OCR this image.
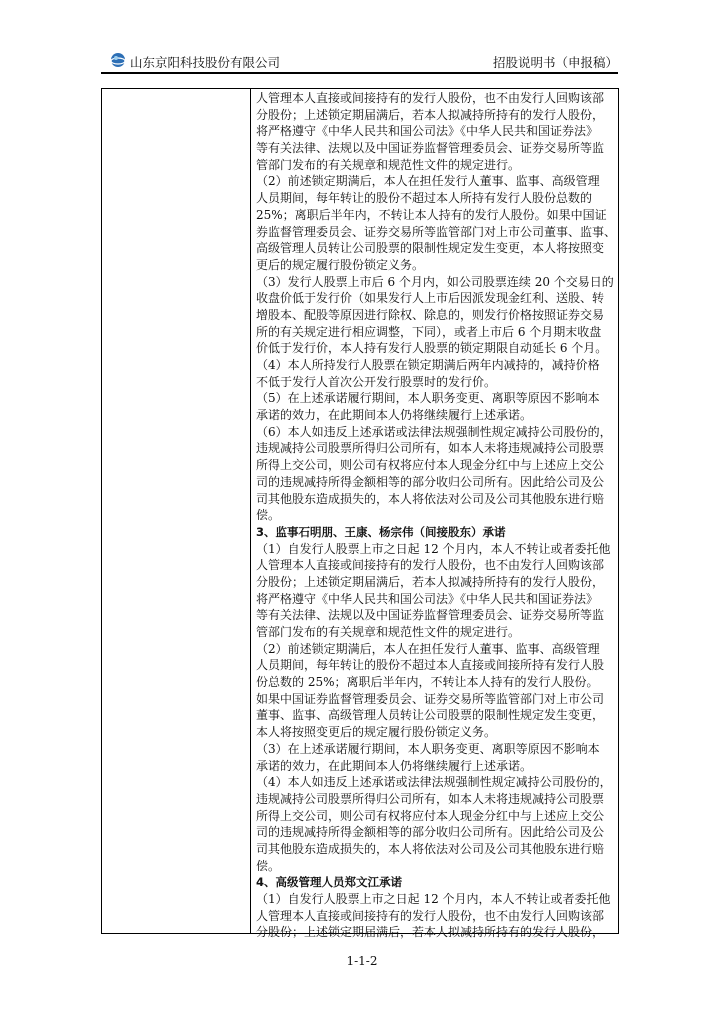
山东京阳科技股份有限公司	招股说明书（申报稿）
人管理本人直接或间接持有的发行人股份，也不由发行人回购该部
分股份；上述锁定期届满后，若本人拟减持所持有的发行人股份，
将严格遵守《中华人民共和国公司法》《中华人民共和国证券法》
等有关法律、法规以及中国证券监督管理委员会、证券交易所等监
管部门发布的有关规章和规范性文件的规定进行。
（2）前述锁定期满后，本人在担任发行人董事、监事、高级管理
人员期间，每年转让的股份不超过本人所持有发行人股份总数的
25%；离职后半年内，不转让本人持有的发行人股份。如果中国证
券监督管理委员会、证券交易所等监管部门对上市公司董事、监事、
高级管理人员转让公司股票的限制性规定发生变更，本人将按照变
更后的规定履行股份锁定义务。
（3）发行人股票上市后 6 个月内，如公司股票连续 20 个交易日的
收盘价低于发行价（如果发行人上市后因派发现金红利、送股、转
增股本、配股等原因进行除权、除息的，则发行价格按照证券交易
所的有关规定进行相应调整，下同），或者上市后 6 个月期末收盘
价低于发行价，本人持有发行人股票的锁定期限自动延长 6 个月。
（4）本人所持发行人股票在锁定期满后两年内减持的，减持价格
不低于发行人首次公开发行股票时的发行价。
（5）在上述承诺履行期间，本人职务变更、离职等原因不影响本
承诺的效力，在此期间本人仍将继续履行上述承诺。
（6）本人如违反上述承诺或法律法规强制性规定减持公司股份的，
违规减持公司股票所得归公司所有，如本人未将违规减持公司股票
所得上交公司，则公司有权将应付本人现金分红中与上述应上交公
司的违规减持所得金额相等的部分收归公司所有。因此给公司及公
司其他股东造成损失的，本人将依法对公司及公司其他股东进行赔
偿。
3、监事石明朋、王康、杨宗伟（间接股东）承诺
（1）自发行人股票上市之日起 12 个月内，本人不转让或者委托他
人管理本人直接或间接持有的发行人股份，也不由发行人回购该部
分股份；上述锁定期届满后，若本人拟减持所持有的发行人股份，
将严格遵守《中华人民共和国公司法》《中华人民共和国证券法》
等有关法律、法规以及中国证券监督管理委员会、证券交易所等监
管部门发布的有关规章和规范性文件的规定进行。
（2）前述锁定期满后，本人在担任发行人董事、监事、高级管理
人员期间，每年转让的股份不超过本人直接或间接所持有发行人股
份总数的 25%；离职后半年内，不转让本人持有的发行人股份。
如果中国证券监督管理委员会、证券交易所等监管部门对上市公司
董事、监事、高级管理人员转让公司股票的限制性规定发生变更，
本人将按照变更后的规定履行股份锁定义务。
（3）在上述承诺履行期间，本人职务变更、离职等原因不影响本
承诺的效力，在此期间本人仍将继续履行上述承诺。
（4）本人如违反上述承诺或法律法规强制性规定减持公司股份的，
违规减持公司股票所得归公司所有，如本人未将违规减持公司股票
所得上交公司，则公司有权将应付本人现金分红中与上述应上交公
司的违规减持所得金额相等的部分收归公司所有。因此给公司及公
司其他股东造成损失的，本人将依法对公司及公司其他股东进行赔
偿。
4、高级管理人员郑文江承诺
（1）自发行人股票上市之日起 12 个月内，本人不转让或者委托他
人管理本人直接或间接持有的发行人股份，也不由发行人回购该部
分股份；上述锁定期届满后，若本人拟减持所持有的发行人股份，
1-1-2
